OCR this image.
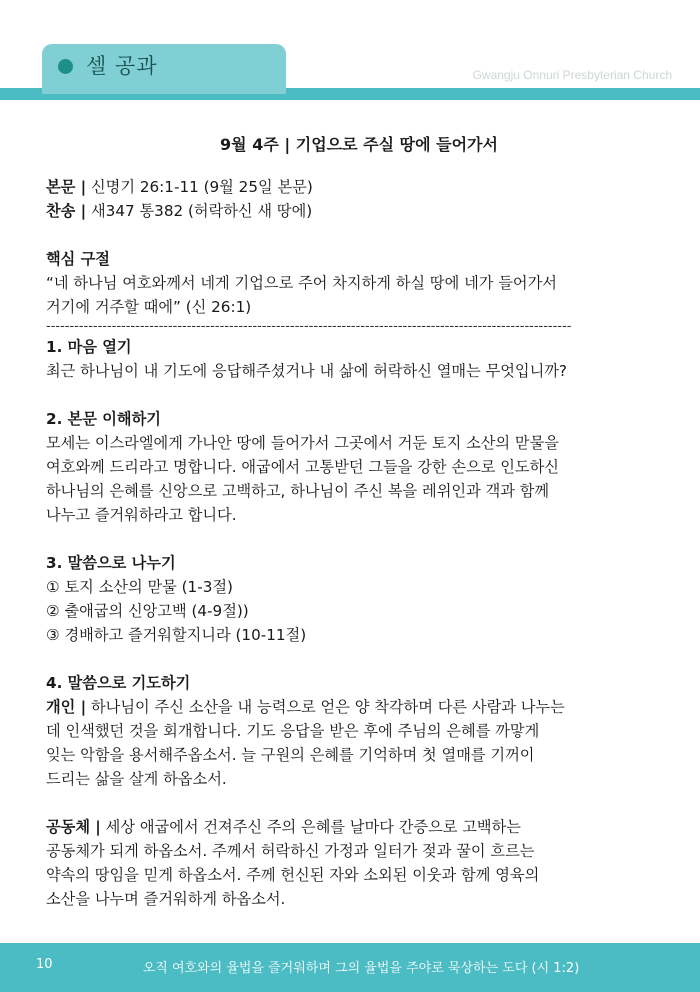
셀 공과	Gwangju Onnuri Presbyterian Church
9월 4주 | 기업으로 주실 땅에 들어가서
본문 | 신명기 26:1-11 (9월 25일 본문)
찬송 | 새347 통382 (허락하신 새 땅에)
핵심 구절
“네 하나님 여호와께서 네게 기업으로 주어 차지하게 하실 땅에 네가 들어가서
거기에 거주할 때에” (신 26:1)
----------------------------------------------------------------------------------------------------------------
1. 마음 열기
최근 하나님이 내 기도에 응답해주셨거나 내 삶에 허락하신 열매는 무엇입니까?
2. 본문 이해하기
모세는 이스라엘에게 가나안 땅에 들어가서 그곳에서 거둔 토지 소산의 맏물을
여호와께 드리라고 명합니다. 애굽에서 고통받던 그들을 강한 손으로 인도하신
하나님의 은혜를 신앙으로 고백하고, 하나님이 주신 복을 레위인과 객과 함께
나누고 즐거워하라고 합니다.
3. 말씀으로 나누기
① 토지 소산의 맏물 (1-3절)
② 출애굽의 신앙고백 (4-9절))
③ 경배하고 즐거워할지니라 (10-11절)
4. 말씀으로 기도하기
개인 | 하나님이 주신 소산을 내 능력으로 얻은 양 착각하며 다른 사람과 나누는
데 인색했던 것을 회개합니다. 기도 응답을 받은 후에 주님의 은혜를 까맣게
잊는 악함을 용서해주옵소서. 늘 구원의 은혜를 기억하며 첫 열매를 기꺼이
드리는 삶을 살게 하옵소서.
공동체 | 세상 애굽에서 건져주신 주의 은혜를 날마다 간증으로 고백하는
공동체가 되게 하옵소서. 주께서 허락하신 가정과 일터가 젖과 꿀이 흐르는
약속의 땅임을 믿게 하옵소서. 주께 헌신된 자와 소외된 이웃과 함께 영육의
소산을 나누며 즐거워하게 하옵소서.
10	오직 여호와의 율법을 즐거워하며 그의 율법을 주야로 묵상하는 도다 (시 1:2)
